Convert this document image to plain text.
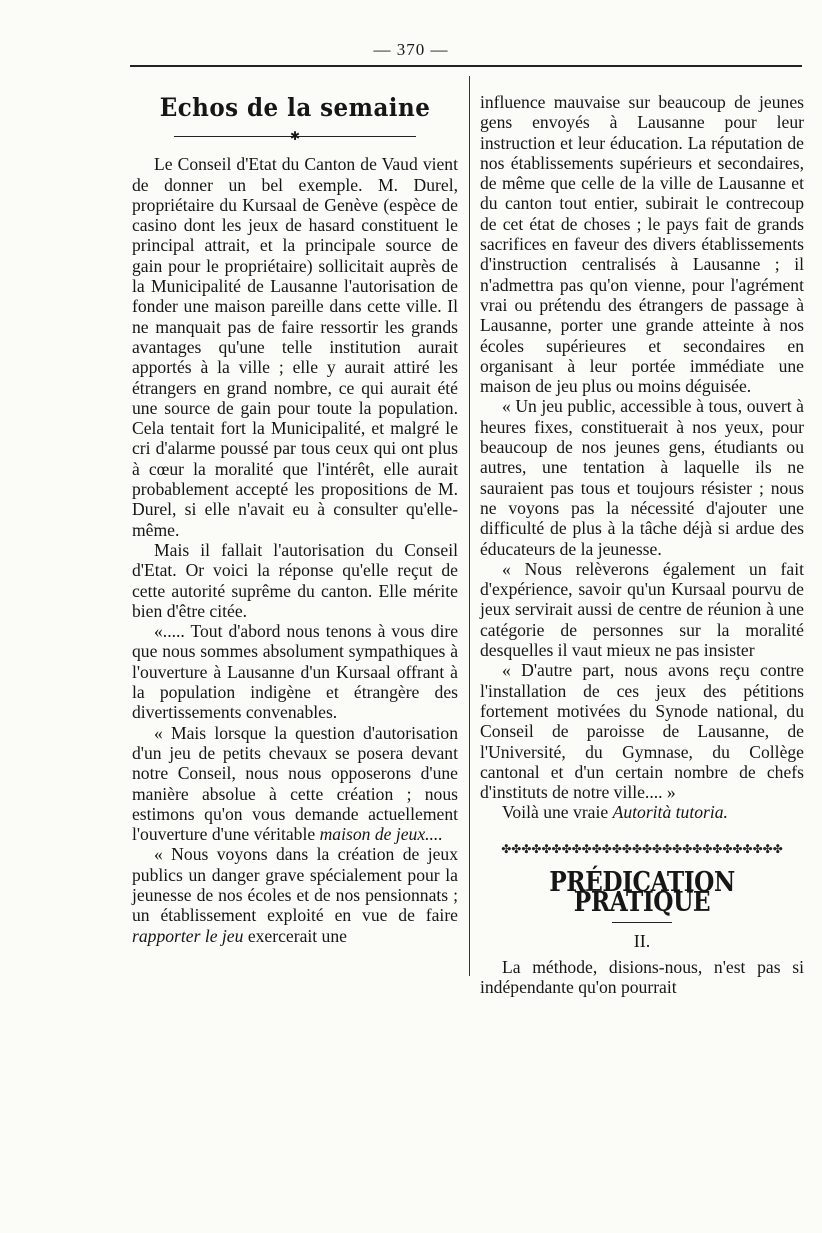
— 370 —
Echos de la semaine
✱

Le Conseil d'Etat du Canton de Vaud vient de donner un bel exemple. M. Durel, propriétaire du Kursaal de Genève (espèce de casino dont les jeux de hasard constituent le principal attrait, et la principale source de gain pour le propriétaire) sollicitait auprès de la Municipalité de Lausanne l'autorisation de fonder une maison pareille dans cette ville. Il ne manquait pas de faire ressortir les grands avantages qu'une telle institution aurait apportés à la ville ; elle y aurait attiré les étrangers en grand nombre, ce qui aurait été une source de gain pour toute la population. Cela tentait fort la Municipalité, et malgré le cri d'alarme poussé par tous ceux qui ont plus à cœur la moralité que l'intérêt, elle aurait probablement accepté les propositions de M. Durel, si elle n'avait eu à consulter qu'elle-même.

Mais il fallait l'autorisation du Conseil d'Etat. Or voici la réponse qu'elle reçut de cette autorité suprême du canton. Elle mérite bien d'être citée.

«..... Tout d'abord nous tenons à vous dire que nous sommes absolument sympathiques à l'ouverture à Lausanne d'un Kursaal offrant à la population indigène et étrangère des divertissements convenables.

« Mais lorsque la question d'autorisation d'un jeu de petits chevaux se posera devant notre Conseil, nous nous opposerons d'une manière absolue à cette création ; nous estimons qu'on vous demande actuellement l'ouverture d'une véritable maison de jeux....

« Nous voyons dans la création de jeux publics un danger grave spécialement pour la jeunesse de nos écoles et de nos pensionnats ; un établissement exploité en vue de faire rapporter le jeu exercerait une

influence mauvaise sur beaucoup de jeunes gens envoyés à Lausanne pour leur instruction et leur éducation. La réputation de nos établissements supérieurs et secondaires, de même que celle de la ville de Lausanne et du canton tout entier, subirait le contrecoup de cet état de choses ; le pays fait de grands sacrifices en faveur des divers établissements d'instruction centralisés à Lausanne ; il n'admettra pas qu'on vienne, pour l'agrément vrai ou prétendu des étrangers de passage à Lausanne, porter une grande atteinte à nos écoles supérieures et secondaires en organisant à leur portée immédiate une maison de jeu plus ou moins déguisée.

« Un jeu public, accessible à tous, ouvert à heures fixes, constituerait à nos yeux, pour beaucoup de nos jeunes gens, étudiants ou autres, une tentation à laquelle ils ne sauraient pas tous et toujours résister ; nous ne voyons pas la nécessité d'ajouter une difficulté de plus à la tâche déjà si ardue des éducateurs de la jeunesse.

« Nous relèverons également un fait d'expérience, savoir qu'un Kursaal pourvu de jeux servirait aussi de centre de réunion à une catégorie de personnes sur la moralité desquelles il vaut mieux ne pas insister

« D'autre part, nous avons reçu contre l'installation de ces jeux des pétitions fortement motivées du Synode national, du Conseil de paroisse de Lausanne, de l'Université, du Gymnase, du Collège cantonal et d'un certain nombre de chefs d'instituts de notre ville.... »

Voilà une vraie Autorità tutoria.

✤✤✤✤✤✤✤✤✤✤✤✤✤✤✤✤✤✤✤✤✤✤✤✤✤✤✤✤
PRÉDICATION PRATIQUE
II.

La méthode, disions-nous, n'est pas si indépendante qu'on pourrait
